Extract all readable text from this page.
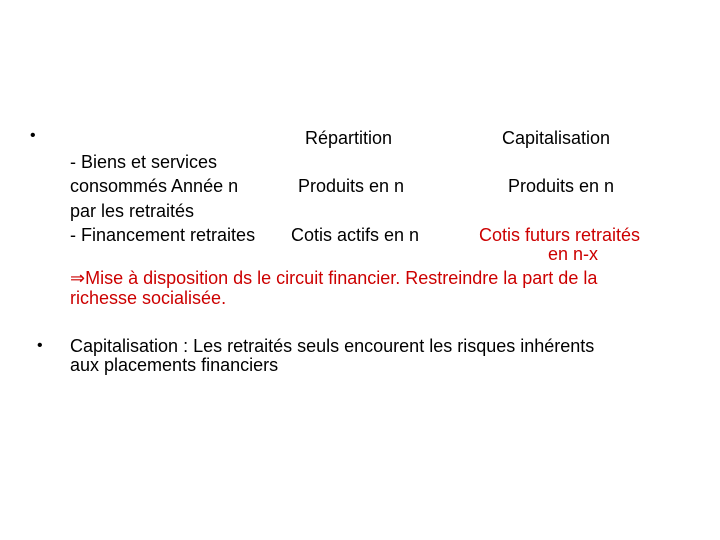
•	Répartition	Capitalisation
- Biens et services
consommés Année n
par les retraités
Produits en n	Produits en n
- Financement retraites Cotis actifs en n	Cotis futurs retraités
en n-x
⇒Mise à disposition ds le circuit financier. Restreindre la part de la
richesse socialisée.
• Capitalisation : Les retraités seuls encourent les risques inhérents
aux placements financiers
